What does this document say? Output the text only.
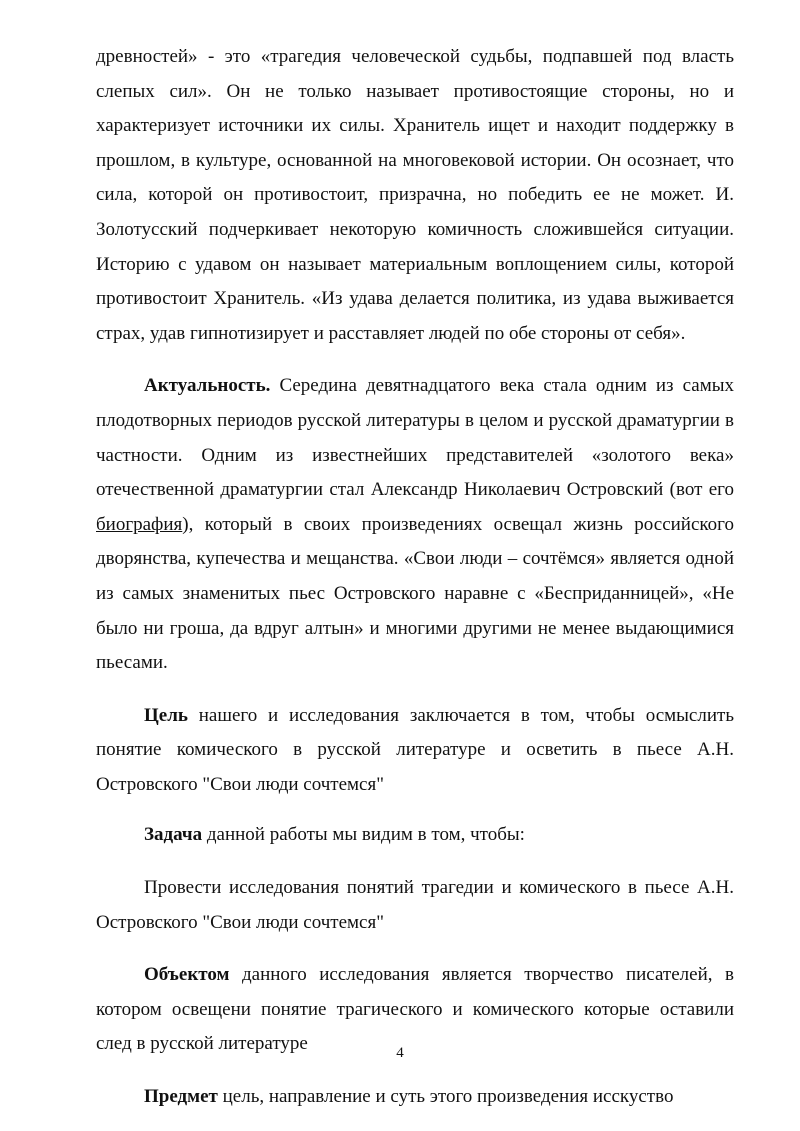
древностей» - это «трагедия человеческой судьбы, подпавшей под власть слепых сил». Он не только называет противостоящие стороны, но и характеризует источники их силы. Хранитель ищет и находит поддержку в прошлом, в культуре, основанной на многовековой истории. Он осознает, что сила, которой он противостоит, призрачна, но победить ее не может. И. Золотусский подчеркивает некоторую комичность сложившейся ситуации. Историю с удавом он называет материальным воплощением силы, которой противостоит Хранитель. «Из удава делается политика, из удава выживается страх, удав гипнотизирует и расставляет людей по обе стороны от себя».

Актуальность. Середина девятнадцатого века стала одним из самых плодотворных периодов русской литературы в целом и русской драматургии в частности. Одним из известнейших представителей «золотого века» отечественной драматургии стал Александр Николаевич Островский (вот его биография), который в своих произведениях освещал жизнь российского дворянства, купечества и мещанства. «Свои люди – сочтёмся» является одной из самых знаменитых пьес Островского наравне с «Бесприданницей», «Не было ни гроша, да вдруг алтын» и многими другими не менее выдающимися пьесами.

Цель нашего и исследования заключается в том, чтобы осмыслить понятие комического в русской литературе и осветить в пьесе А.Н. Островского "Свои люди сочтемся"

Задача данной работы мы видим в том, чтобы:

Провести исследования понятий трагедии и комического в пьесе А.Н. Островского "Свои люди сочтемся"

Объектом данного исследования является творчество писателей, в котором освещени понятие трагического и комического которые оставили след в русской литературе

Предмет цель, направление и суть этого произведения исскуство

4
